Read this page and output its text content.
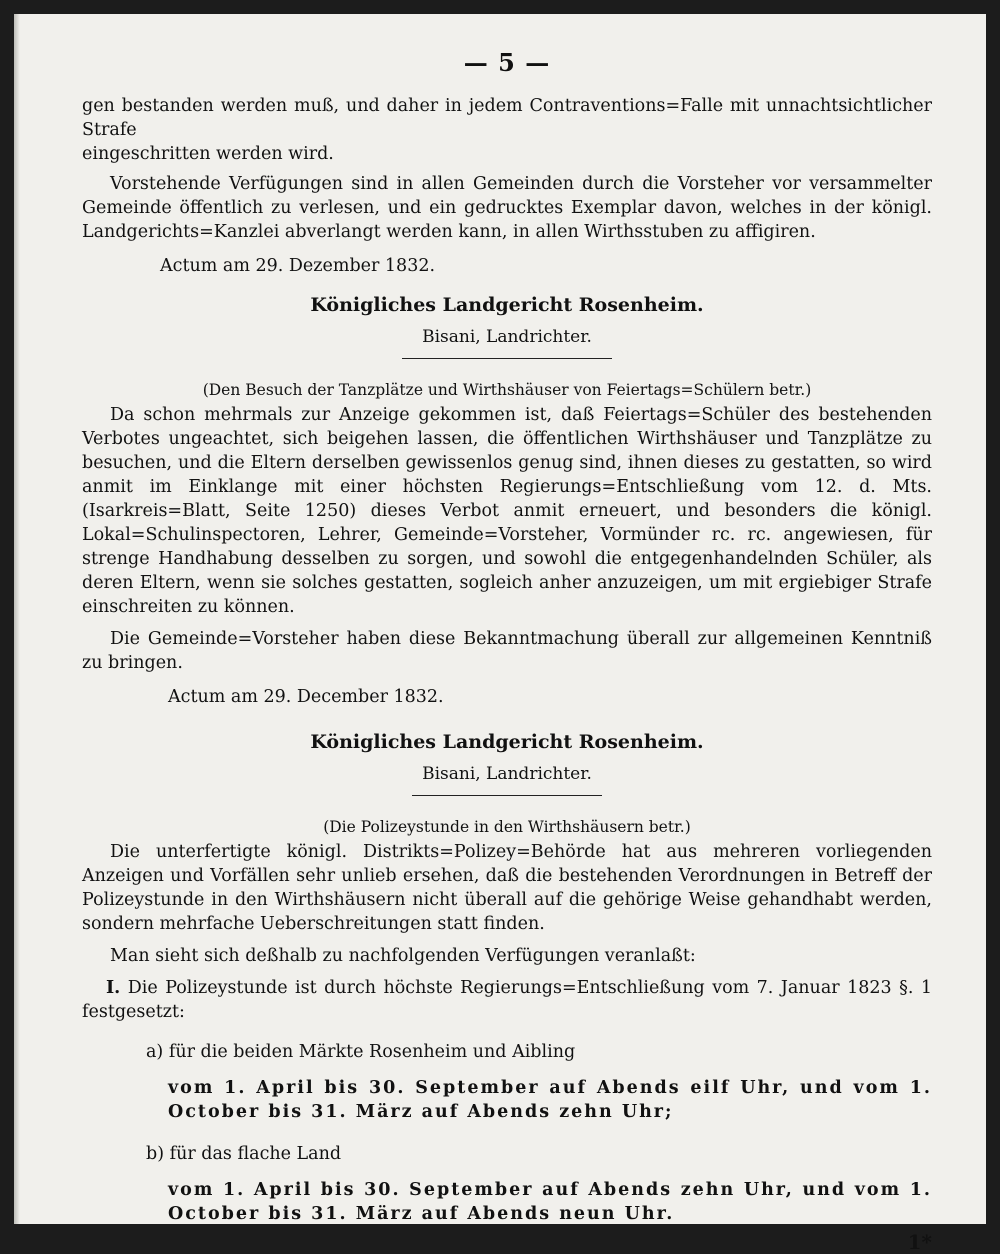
— 5 —

gen bestanden werden muß, und daher in jedem Contraventions=Falle mit unnachtsichtlicher Strafe
eingeschritten werden wird.

Vorstehende Verfügungen sind in allen Gemeinden durch die Vorsteher vor versammelter Gemeinde öffentlich zu verlesen, und ein gedrucktes Exemplar davon, welches in der königl. Landgerichts=Kanzlei abverlangt werden kann, in allen Wirthsstuben zu affigiren.

Actum am 29. Dezember 1832.
Königliches Landgericht Rosenheim.
Bisani, Landrichter.
(Den Besuch der Tanzplätze und Wirthshäuser von Feiertags=Schülern betr.)

Da schon mehrmals zur Anzeige gekommen ist, daß Feiertags=Schüler des bestehenden Verbotes ungeachtet, sich beigehen lassen, die öffentlichen Wirthshäuser und Tanzplätze zu besuchen, und die Eltern derselben gewissenlos genug sind, ihnen dieses zu gestatten, so wird anmit im Einklange mit einer höchsten Regierungs=Entschließung vom 12. d. Mts. (Isarkreis=Blatt, Seite 1250) dieses Verbot anmit erneuert, und besonders die königl. Lokal=Schulinspectoren, Lehrer, Gemeinde=Vorsteher, Vormünder rc. rc. angewiesen, für strenge Handhabung desselben zu sorgen, und sowohl die entgegenhandelnden Schüler, als deren Eltern, wenn sie solches gestatten, sogleich anher anzuzeigen, um mit ergiebiger Strafe einschreiten zu können.

Die Gemeinde=Vorsteher haben diese Bekanntmachung überall zur allgemeinen Kenntniß zu bringen.

Actum am 29. December 1832.
Königliches Landgericht Rosenheim.
Bisani, Landrichter.
(Die Polizeystunde in den Wirthshäusern betr.)

Die unterfertigte königl. Distrikts=Polizey=Behörde hat aus mehreren vorliegenden Anzeigen und Vorfällen sehr unlieb ersehen, daß die bestehenden Verordnungen in Betreff der Polizeystunde in den Wirthshäusern nicht überall auf die gehörige Weise gehandhabt werden, sondern mehrfache Ueberschreitungen statt finden.

Man sieht sich deßhalb zu nachfolgenden Verfügungen veranlaßt:

I. Die Polizeystunde ist durch höchste Regierungs=Entschließung vom 7. Januar 1823 §. 1 festgesetzt:

a) für die beiden Märkte Rosenheim und Aibling

vom 1. April bis 30. September auf Abends eilf Uhr, und vom 1. October bis 31. März auf Abends zehn Uhr;

b) für das flache Land

vom 1. April bis 30. September auf Abends zehn Uhr, und vom 1. October bis 31. März auf Abends neun Uhr.

1*
